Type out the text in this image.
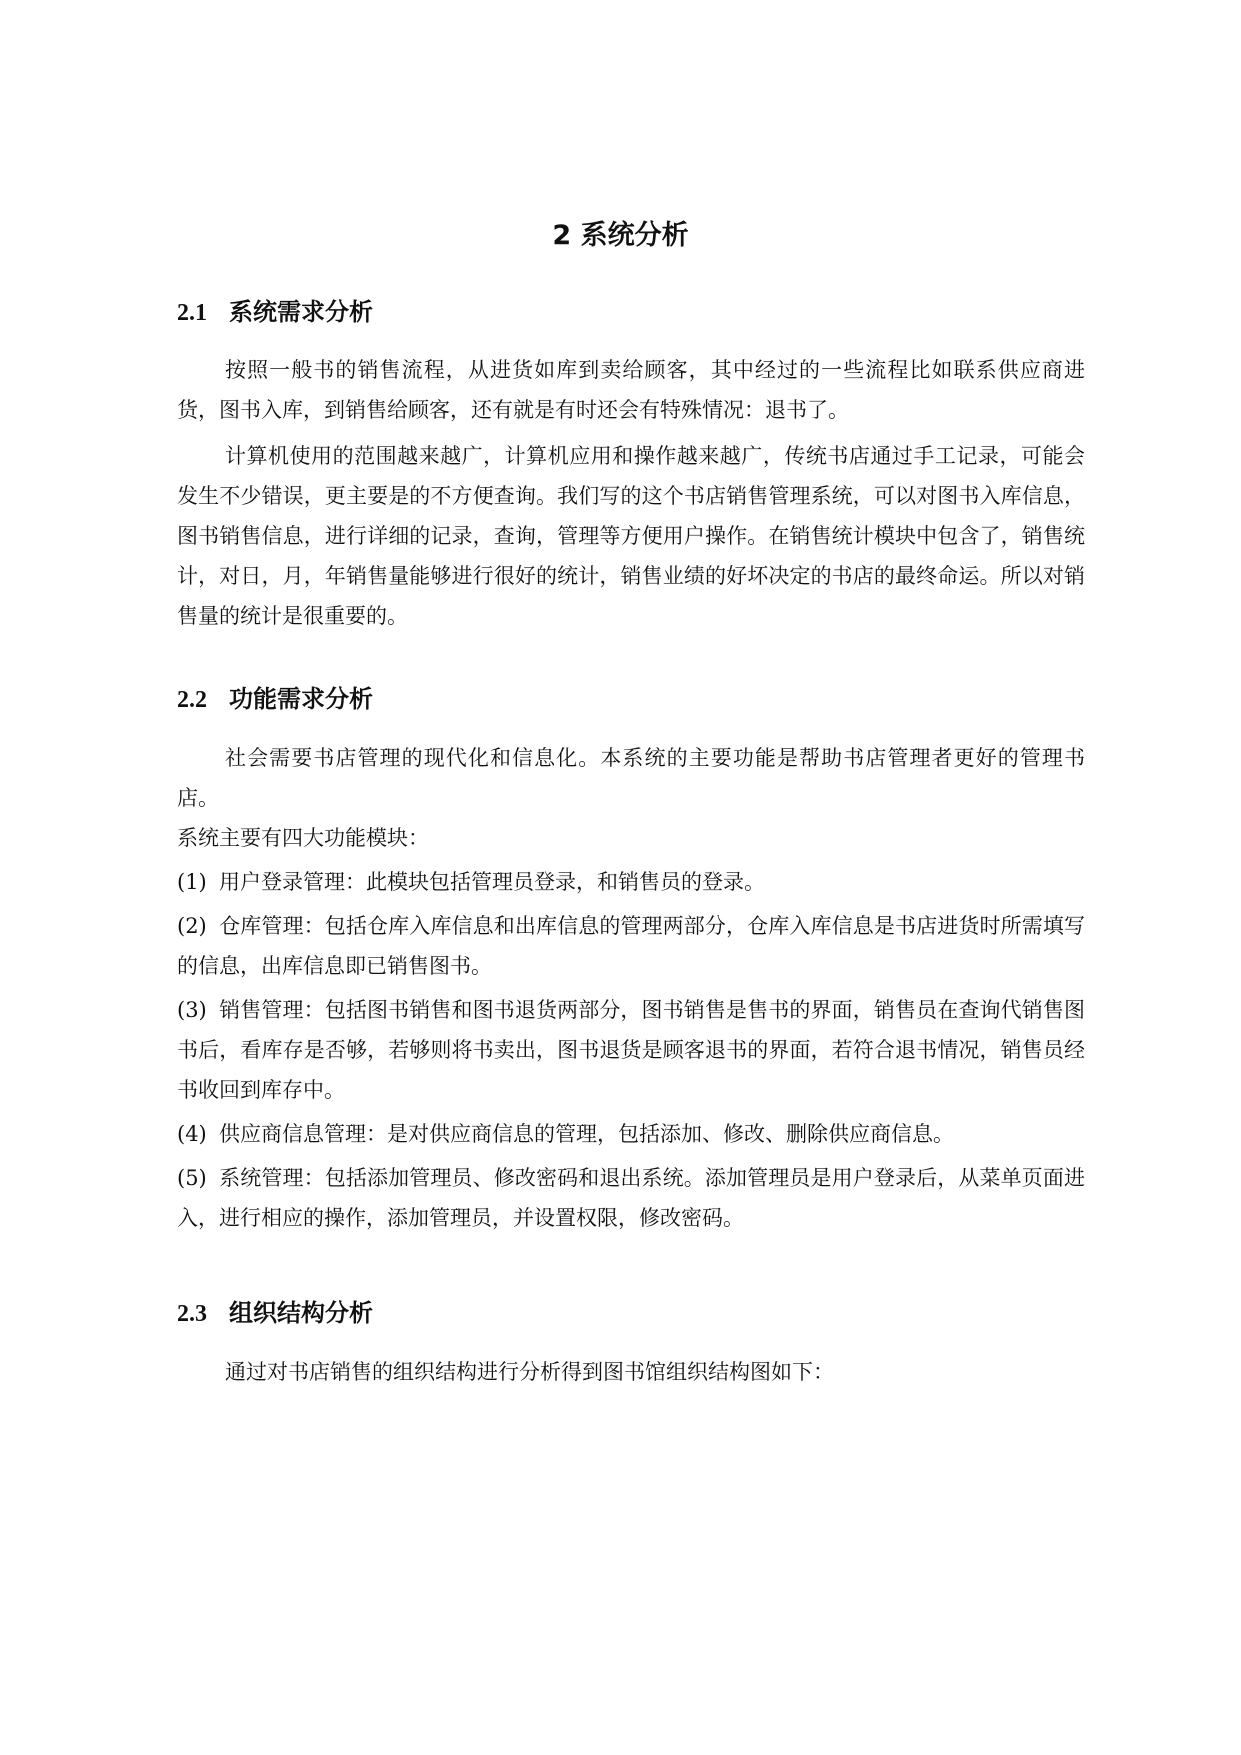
2 系统分析
2.1 系统需求分析

按照一般书的销售流程，从进货如库到卖给顾客，其中经过的一些流程比如联系供应商进货，图书入库，到销售给顾客，还有就是有时还会有特殊情况：退书了。

计算机使用的范围越来越广，计算机应用和操作越来越广，传统书店通过手工记录，可能会发生不少错误，更主要是的不方便查询。我们写的这个书店销售管理系统，可以对图书入库信息，图书销售信息，进行详细的记录，查询，管理等方便用户操作。在销售统计模块中包含了，销售统计，对日，月，年销售量能够进行很好的统计，销售业绩的好坏决定的书店的最终命运。所以对销售量的统计是很重要的。

2.2 功能需求分析

社会需要书店管理的现代化和信息化。本系统的主要功能是帮助书店管理者更好的管理书店。

系统主要有四大功能模块：

(1) 用户登录管理：此模块包括管理员登录，和销售员的登录。

(2) 仓库管理：包括仓库入库信息和出库信息的管理两部分，仓库入库信息是书店进货时所需填写的信息，出库信息即已销售图书。

(3) 销售管理：包括图书销售和图书退货两部分，图书销售是售书的界面，销售员在查询代销售图书后，看库存是否够，若够则将书卖出，图书退货是顾客退书的界面，若符合退书情况，销售员经书收回到库存中。

(4) 供应商信息管理：是对供应商信息的管理，包括添加、修改、删除供应商信息。

(5) 系统管理：包括添加管理员、修改密码和退出系统。添加管理员是用户登录后，从菜单页面进入，进行相应的操作，添加管理员，并设置权限，修改密码。

2.3 组织结构分析

通过对书店销售的组织结构进行分析得到图书馆组织结构图如下：
